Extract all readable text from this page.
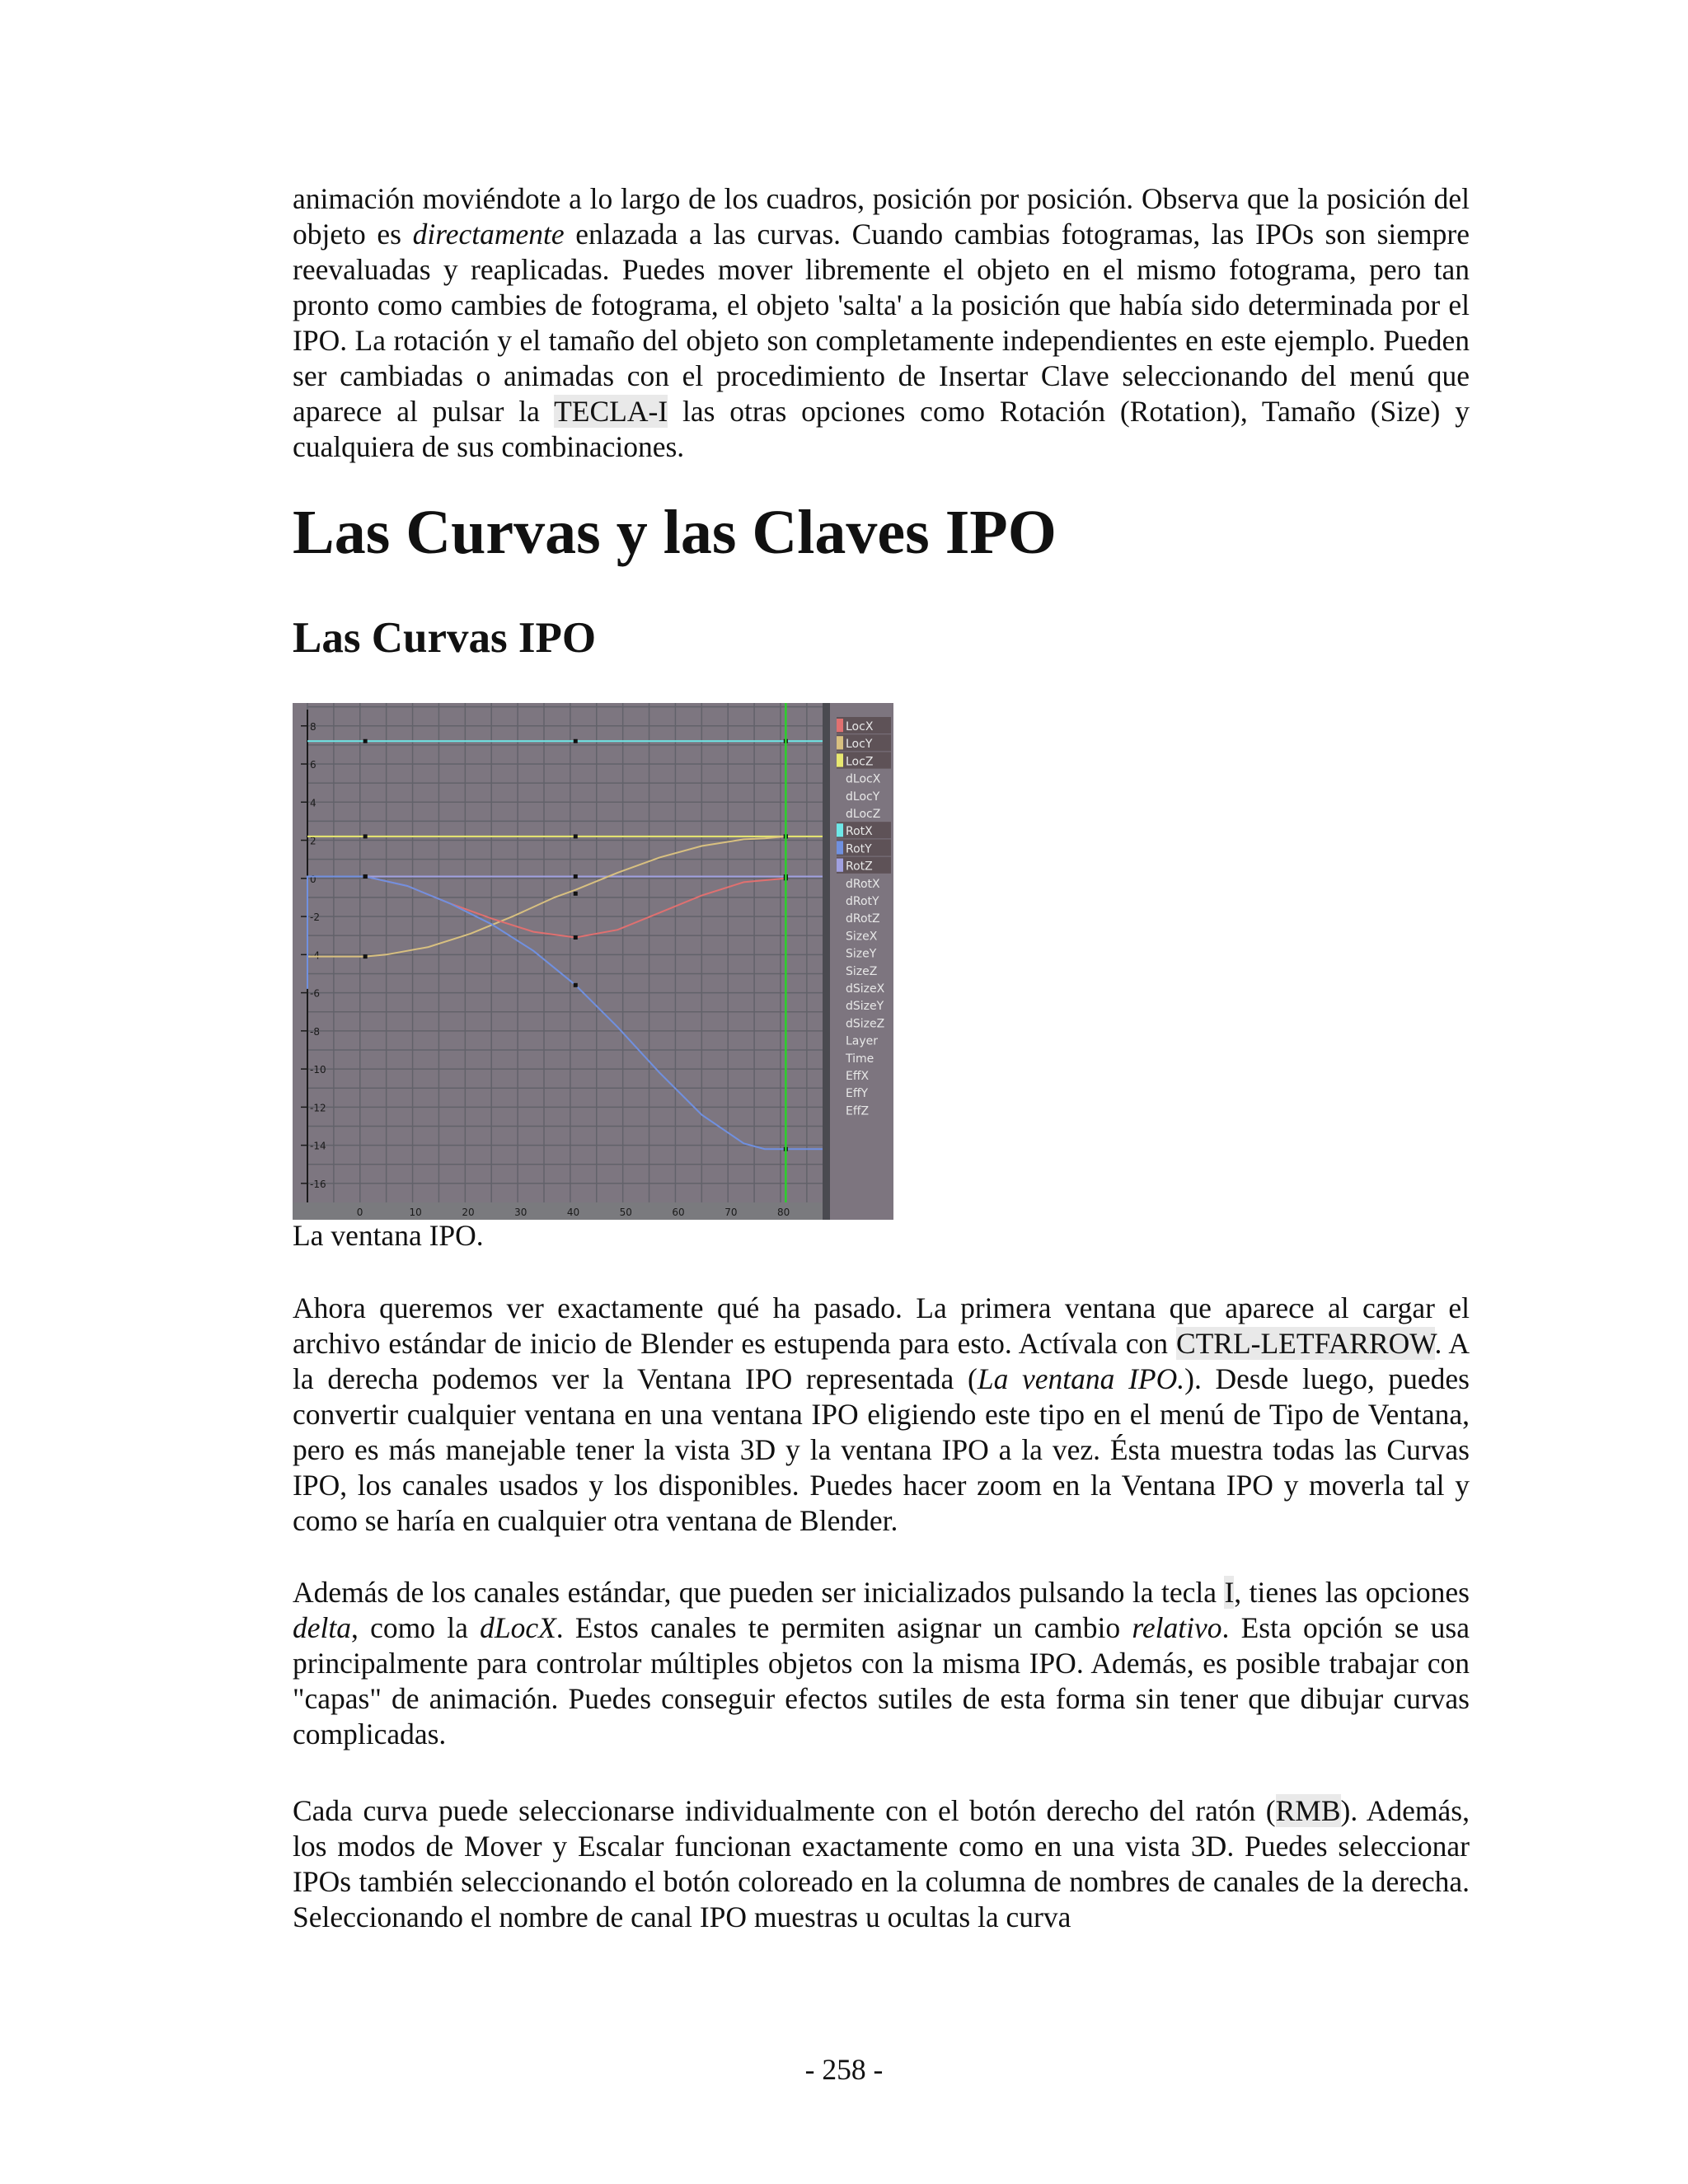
animación moviéndote a lo largo de los cuadros, posición por posición. Observa que la posición del objeto es directamente enlazada a las curvas. Cuando cambias fotogramas, las IPOs son siempre reevaluadas y reaplicadas. Puedes mover libremente el objeto en el mismo fotograma, pero tan pronto como cambies de fotograma, el objeto 'salta' a la posición que había sido determinada por el IPO. La rotación y el tamaño del objeto son completamente independientes en este ejemplo. Pueden ser cambiadas o animadas con el procedimiento de Insertar Clave seleccionando del menú que aparece al pulsar la TECLA-I las otras opciones como Rotación (Rotation), Tamaño (Size) y cualquiera de sus combinaciones.

Las Curvas y las Claves IPO
Las Curvas IPO
8
6
4
2
0
-2
-4
-6
-8
-10
-12
-14
-16
0	10	20	30	40	50	60	70	80
LocX
LocY
LocZ
dLocX
dLocY
dLocZ
RotX
RotY
RotZ
dRotX
dRotY
dRotZ
SizeX
SizeY
SizeZ
dSizeX
dSizeY
dSizeZ
Layer
Time
EffX
EffY
EffZ
La ventana IPO.

Ahora queremos ver exactamente qué ha pasado. La primera ventana que aparece al cargar el archivo estándar de inicio de Blender es estupenda para esto. Actívala con CTRL-LETFARROW. A la derecha podemos ver la Ventana IPO representada (La ventana IPO.). Desde luego, puedes convertir cualquier ventana en una ventana IPO eligiendo este tipo en el menú de Tipo de Ventana, pero es más manejable tener la vista 3D y la ventana IPO a la vez. Ésta muestra todas las Curvas IPO, los canales usados y los disponibles. Puedes hacer zoom en la Ventana IPO y moverla tal y como se haría en cualquier otra ventana de Blender.

Además de los canales estándar, que pueden ser inicializados pulsando la tecla I, tienes las opciones delta, como la dLocX. Estos canales te permiten asignar un cambio relativo. Esta opción se usa principalmente para controlar múltiples objetos con la misma IPO. Además, es posible trabajar con "capas" de animación. Puedes conseguir efectos sutiles de esta forma sin tener que dibujar curvas complicadas.

Cada curva puede seleccionarse individualmente con el botón derecho del ratón (RMB). Además, los modos de Mover y Escalar funcionan exactamente como en una vista 3D. Puedes seleccionar IPOs también seleccionando el botón coloreado en la columna de nombres de canales de la derecha. Seleccionando el nombre de canal IPO muestras u ocultas la curva

- 258 -
